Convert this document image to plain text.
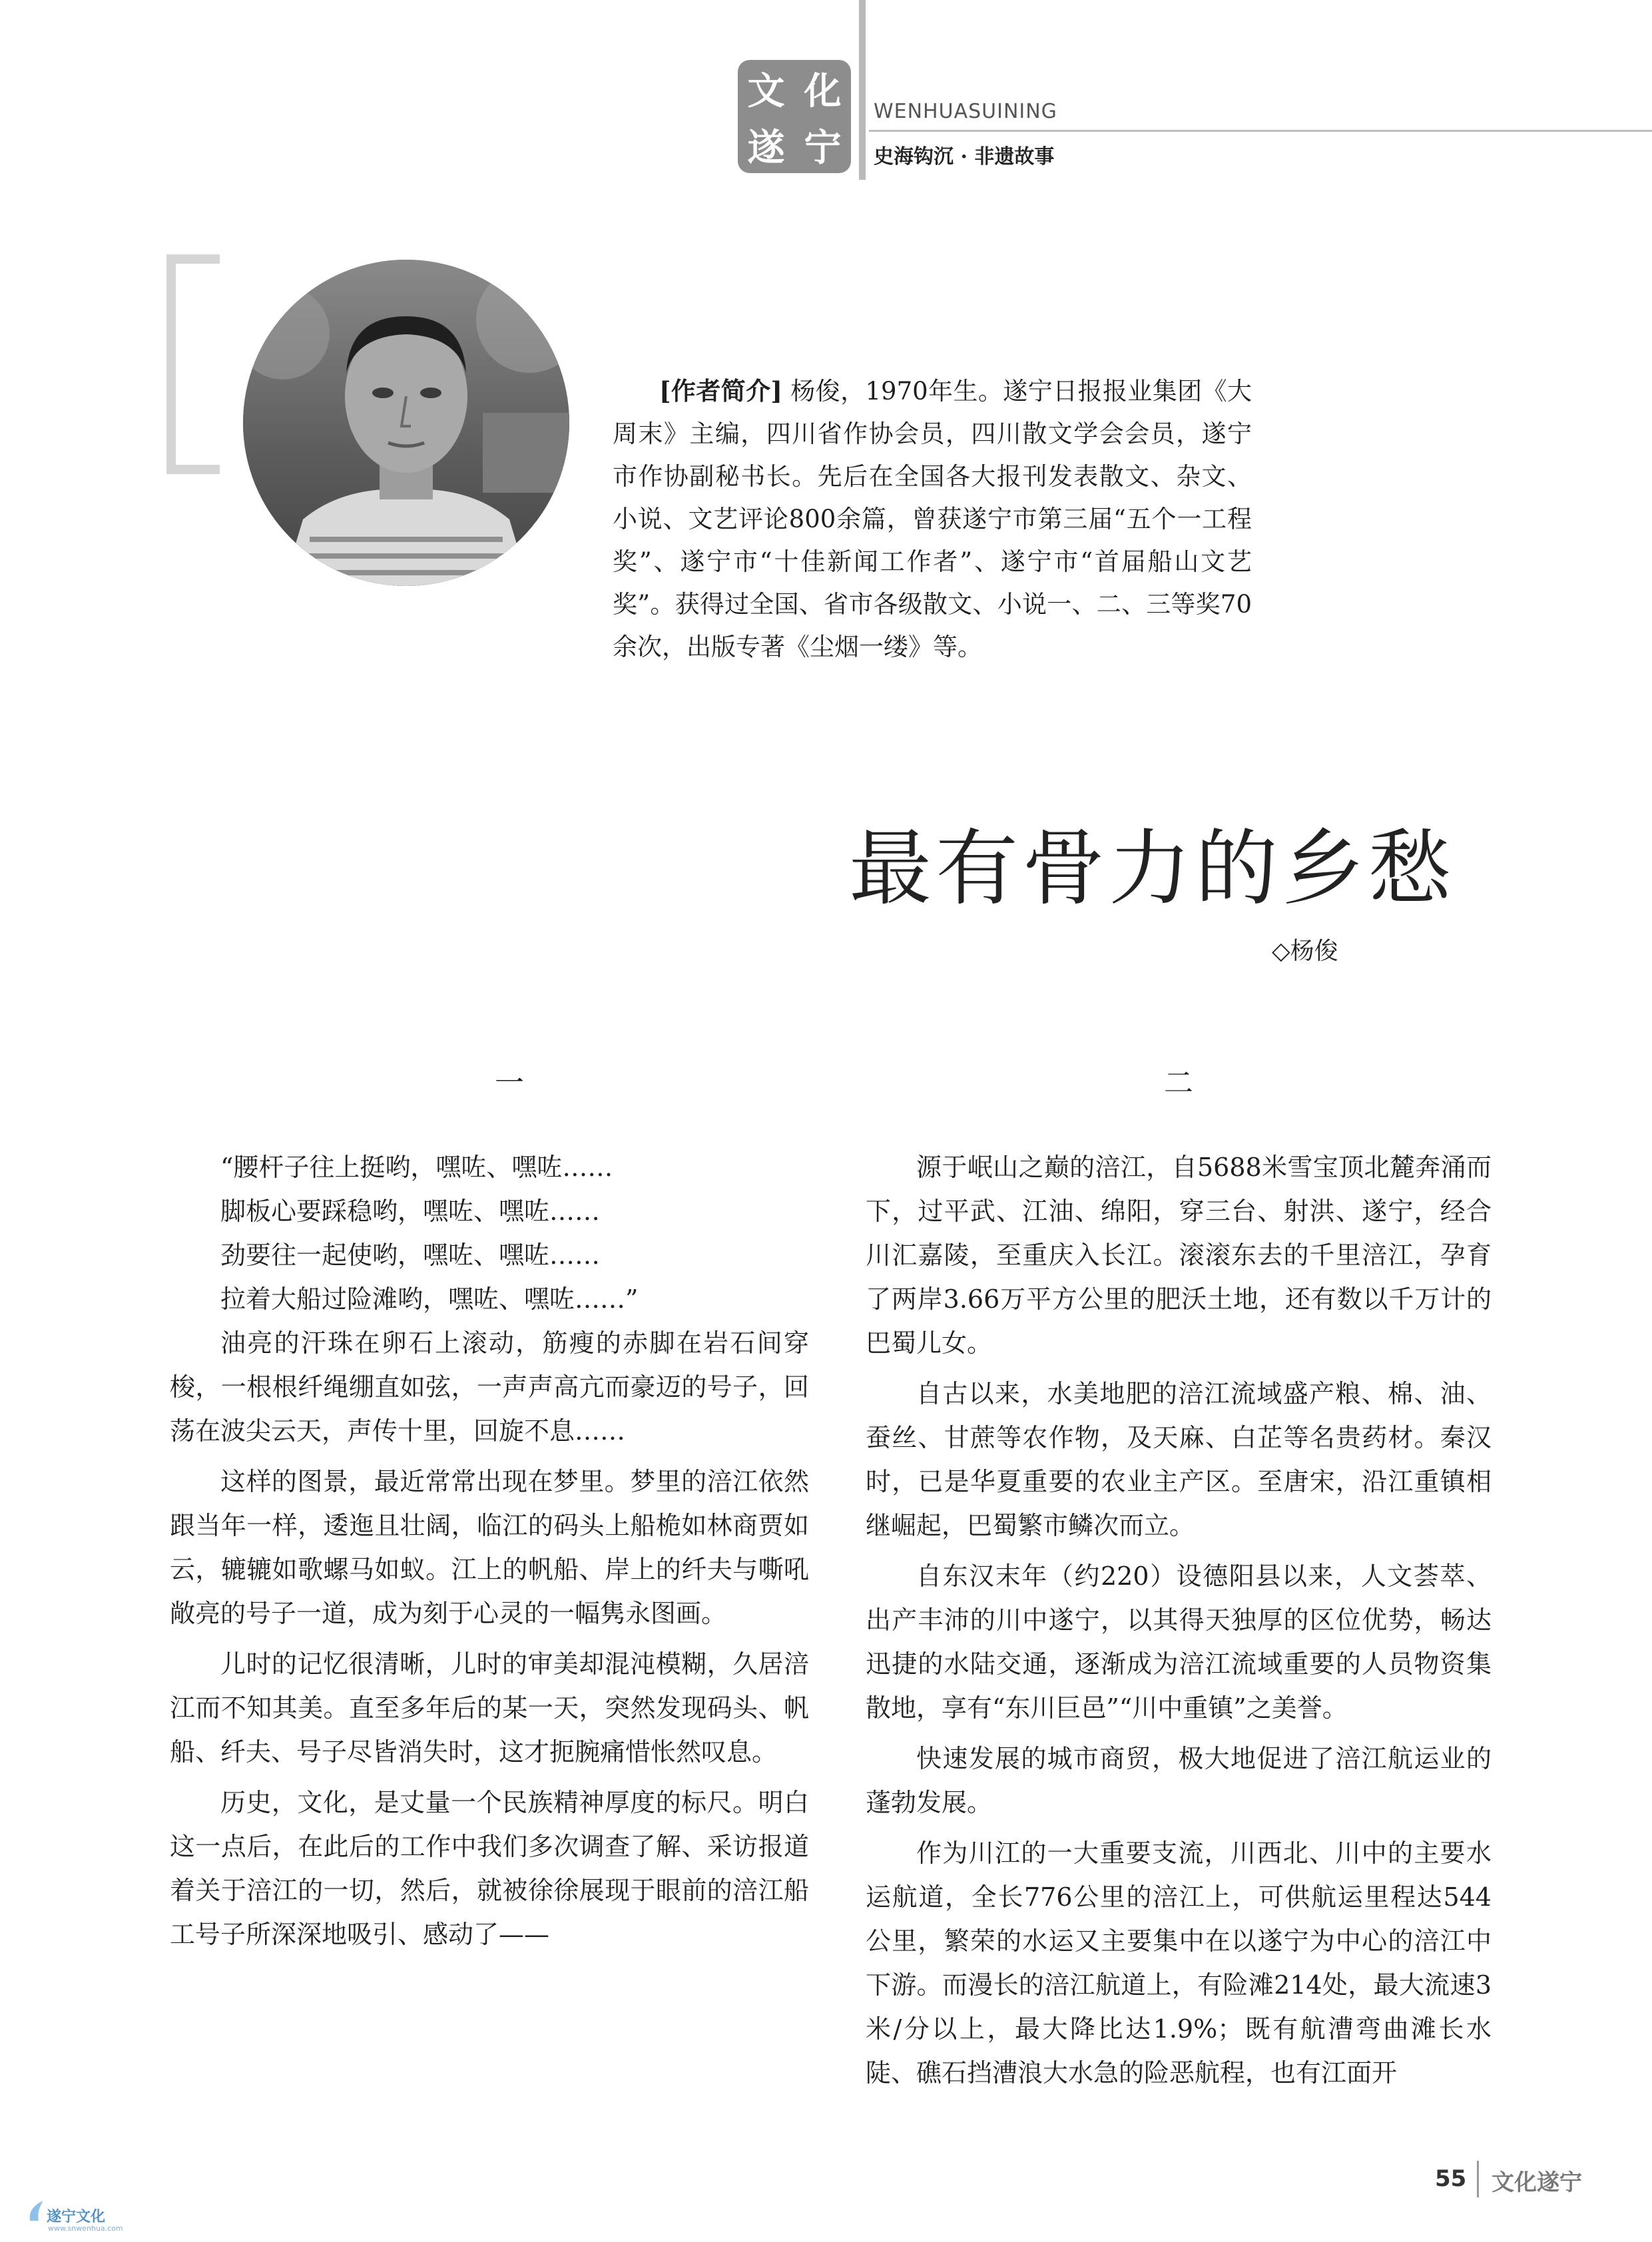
文 化
遂 宁
WENHUASUINING
史海钩沉 · 非遗故事
[作者简介] 杨俊，1970年生。遂宁日报报业集团《大周末》主编，四川省作协会员，四川散文学会会员，遂宁市作协副秘书长。先后在全国各大报刊发表散文、杂文、小说、文艺评论800余篇，曾获遂宁市第三届“五个一工程奖”、遂宁市“十佳新闻工作者”、遂宁市“首届船山文艺奖”。获得过全国、省市各级散文、小说一、二、三等奖70余次，出版专著《尘烟一缕》等。
最有骨力的乡愁
◇杨俊
一	二

“腰杆子往上挺哟，嘿咗、嘿咗……

脚板心要踩稳哟，嘿咗、嘿咗……

劲要往一起使哟，嘿咗、嘿咗……

拉着大船过险滩哟，嘿咗、嘿咗……”

油亮的汗珠在卵石上滚动，筋瘦的赤脚在岩石间穿梭，一根根纤绳绷直如弦，一声声高亢而豪迈的号子，回荡在波尖云天，声传十里，回旋不息……

这样的图景，最近常常出现在梦里。梦里的涪江依然跟当年一样，逶迤且壮阔，临江的码头上船桅如林商贾如云，辘辘如歌螺马如蚁。江上的帆船、岸上的纤夫与嘶吼敞亮的号子一道，成为刻于心灵的一幅隽永图画。

儿时的记忆很清晰，儿时的审美却混沌模糊，久居涪江而不知其美。直至多年后的某一天，突然发现码头、帆船、纤夫、号子尽皆消失时，这才扼腕痛惜怅然叹息。

历史，文化，是丈量一个民族精神厚度的标尺。明白这一点后，在此后的工作中我们多次调查了解、采访报道着关于涪江的一切，然后，就被徐徐展现于眼前的涪江船工号子所深深地吸引、感动了——

源于岷山之巅的涪江，自5688米雪宝顶北麓奔涌而下，过平武、江油、绵阳，穿三台、射洪、遂宁，经合川汇嘉陵，至重庆入长江。滚滚东去的千里涪江，孕育了两岸3.66万平方公里的肥沃土地，还有数以千万计的巴蜀儿女。

自古以来，水美地肥的涪江流域盛产粮、棉、油、蚕丝、甘蔗等农作物，及天麻、白芷等名贵药材。秦汉时，已是华夏重要的农业主产区。至唐宋，沿江重镇相继崛起，巴蜀繁市鳞次而立。

自东汉末年（约220）设德阳县以来，人文荟萃、出产丰沛的川中遂宁，以其得天独厚的区位优势，畅达迅捷的水陆交通，逐渐成为涪江流域重要的人员物资集散地，享有“东川巨邑”“川中重镇”之美誉。

快速发展的城市商贸，极大地促进了涪江航运业的蓬勃发展。

作为川江的一大重要支流，川西北、川中的主要水运航道，全长776公里的涪江上，可供航运里程达544公里，繁荣的水运又主要集中在以遂宁为中心的涪江中下游。而漫长的涪江航道上，有险滩214处，最大流速3米/分以上，最大降比达1.9%；既有航漕弯曲滩长水陡、礁石挡漕浪大水急的险恶航程，也有江面开

55 文化遂宁
遂宁文化
www.snwenhua.com
